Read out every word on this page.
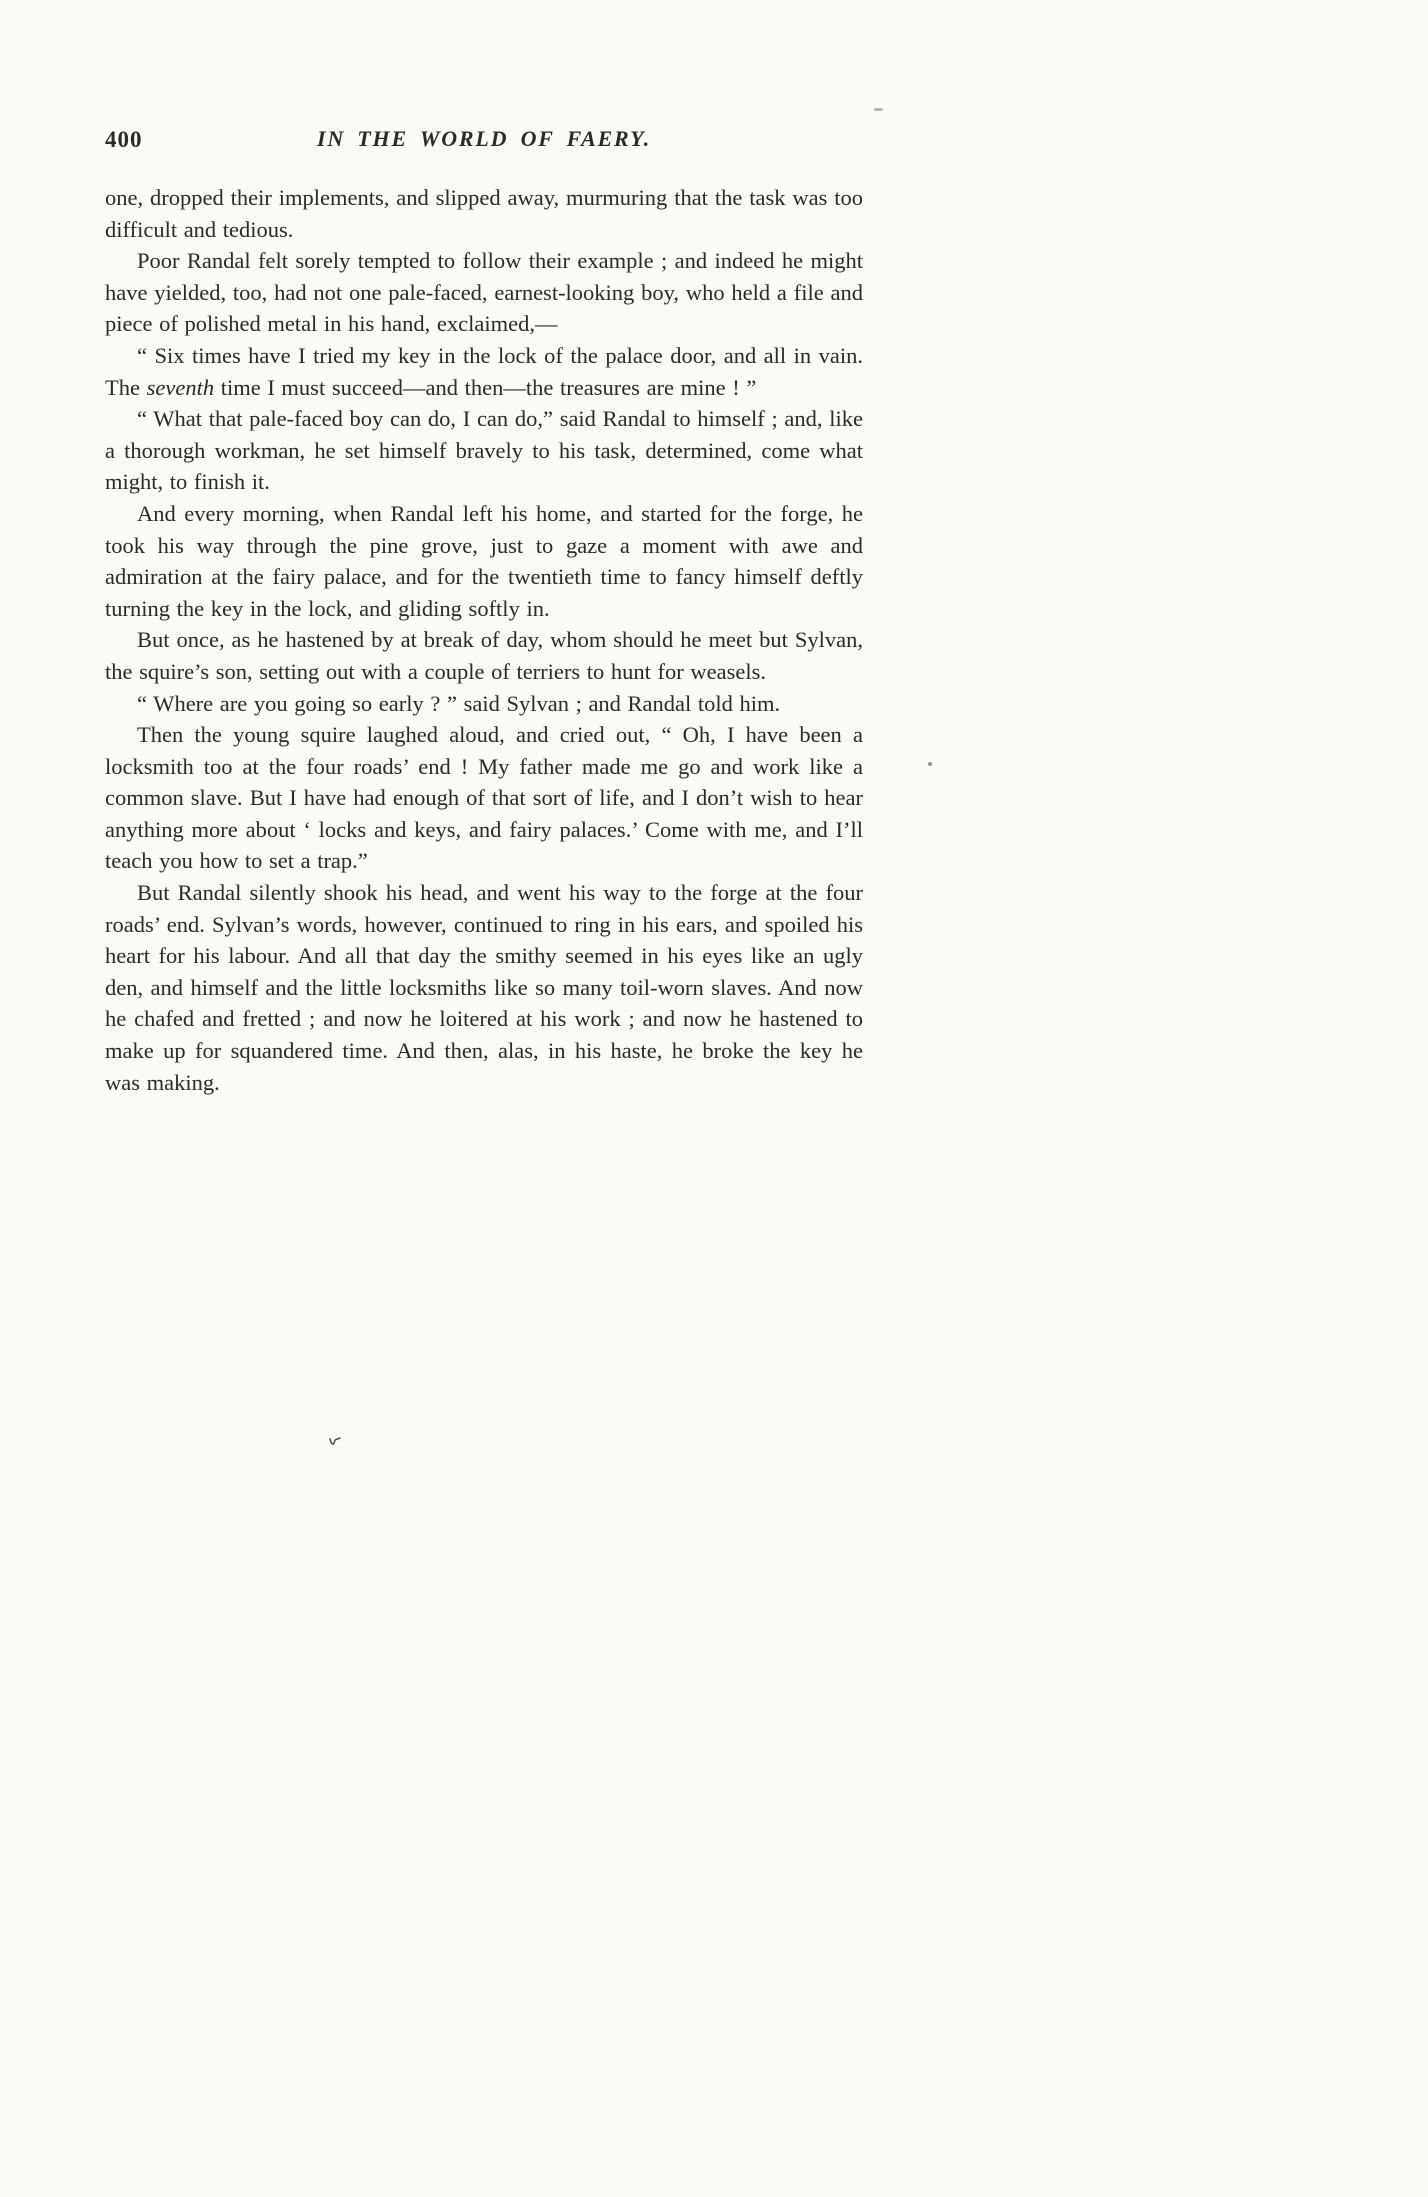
400	IN THE WORLD OF FAERY.

one, dropped their implements, and slipped away, murmuring that the task was too difficult and tedious.

Poor Randal felt sorely tempted to follow their example ; and indeed he might have yielded, too, had not one pale-faced, earnest-looking boy, who held a file and piece of polished metal in his hand, exclaimed,—

“ Six times have I tried my key in the lock of the palace door, and all in vain. The seventh time I must succeed—and then—the treasures are mine ! ”

“ What that pale-faced boy can do, I can do,” said Randal to himself ; and, like a thorough workman, he set himself bravely to his task, determined, come what might, to finish it.

And every morning, when Randal left his home, and started for the forge, he took his way through the pine grove, just to gaze a moment with awe and admiration at the fairy palace, and for the twentieth time to fancy himself deftly turning the key in the lock, and gliding softly in.

But once, as he hastened by at break of day, whom should he meet but Sylvan, the squire’s son, setting out with a couple of terriers to hunt for weasels.

“ Where are you going so early ? ” said Sylvan ; and Randal told him.

Then the young squire laughed aloud, and cried out, “ Oh, I have been a locksmith too at the four roads’ end ! My father made me go and work like a common slave. But I have had enough of that sort of life, and I don’t wish to hear anything more about ‘ locks and keys, and fairy palaces.’ Come with me, and I’ll teach you how to set a trap.”

But Randal silently shook his head, and went his way to the forge at the four roads’ end. Sylvan’s words, however, continued to ring in his ears, and spoiled his heart for his labour. And all that day the smithy seemed in his eyes like an ugly den, and himself and the little locksmiths like so many toil-worn slaves. And now he chafed and fretted ; and now he loitered at his work ; and now he hastened to make up for squandered time. And then, alas, in his haste, he broke the key he was making.
